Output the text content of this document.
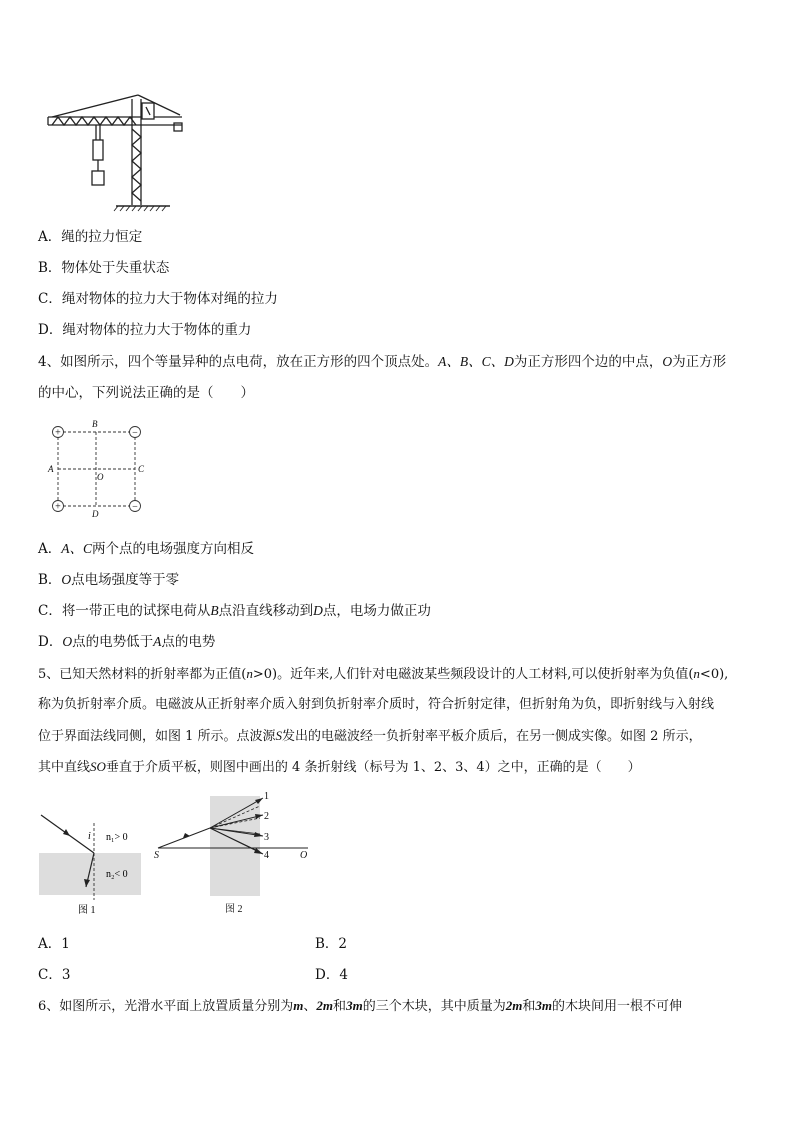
A．绳的拉力恒定
B．物体处于失重状态
C．绳对物体的拉力大于物体对绳的拉力
D．绳对物体的拉力大于物体的重力
4、如图所示，四个等量异种的点电荷，放在正方形的四个顶点处。A、B、C、D为正方形四个边的中点，O为正方形
的中心，下列说法正确的是（　　）
+	−
+	−
B
A	C
D
O
A．A、C两个点的电场强度方向相反
B．O点电场强度等于零
C．将一带正电的试探电荷从B点沿直线移动到D点，电场力做正功
D．O点的电势低于A点的电势
5、已知天然材料的折射率都为正值(n>0)。近年来,人们针对电磁波某些频段设计的人工材料,可以使折射率为负值(n<0),
称为负折射率介质。电磁波从正折射率介质入射到负折射率介质时，符合折射定律，但折射角为负，即折射线与入射线
位于界面法线同侧，如图 1 所示。点波源S发出的电磁波经一负折射率平板介质后，在另一侧成实像。如图 2 所示，
其中直线SO垂直于介质平板，则图中画出的 4 条折射线（标号为 1、2、3、4）之中，正确的是（　　）
i n₁> 0
n₂< 0
图 1
1
2
3
4
S	O
图 2
A．1	B．2
C．3	D．4
6、如图所示，光滑水平面上放置质量分别为m、2m和3m的三个木块，其中质量为2m和3m的木块间用一根不可伸
